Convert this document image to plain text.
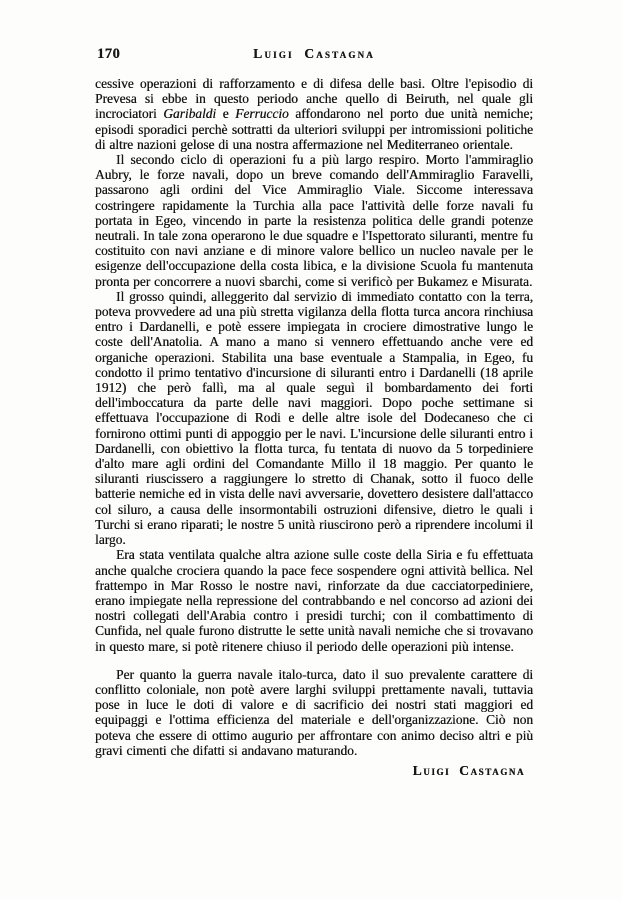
170	Luigi Castagna

cessive operazioni di rafforzamento e di difesa delle basi. Oltre l'episodio di Prevesa si ebbe in questo periodo anche quello di Beiruth, nel quale gli incrociatori Garibaldi e Ferruccio affondarono nel porto due unità nemiche; episodi sporadici perchè sottratti da ulteriori sviluppi per intromissioni politiche di altre nazioni gelose di una nostra affermazione nel Mediterraneo orientale.

Il secondo ciclo di operazioni fu a più largo respiro. Morto l'ammiraglio Aubry, le forze navali, dopo un breve comando dell'Ammiraglio Faravelli, passarono agli ordini del Vice Ammiraglio Viale. Siccome interessava costringere rapidamente la Turchia alla pace l'attività delle forze navali fu portata in Egeo, vincendo in parte la resistenza politica delle grandi potenze neutrali. In tale zona operarono le due squadre e l'Ispettorato siluranti, mentre fu costituito con navi anziane e di minore valore bellico un nucleo navale per le esigenze dell'occupazione della costa libica, e la divisione Scuola fu mantenuta pronta per concorrere a nuovi sbarchi, come si verificò per Bukamez e Misurata.

Il grosso quindi, alleggerito dal servizio di immediato contatto con la terra, poteva provvedere ad una più stretta vigilanza della flotta turca ancora rinchiusa entro i Dardanelli, e potè essere impiegata in crociere dimostrative lungo le coste dell'Anatolia. A mano a mano si vennero effettuando anche vere ed organiche operazioni. Stabilita una base eventuale a Stampalia, in Egeo, fu condotto il primo tentativo d'incursione di siluranti entro i Dardanelli (18 aprile 1912) che però fallì, ma al quale seguì il bombardamento dei forti dell'imboccatura da parte delle navi maggiori. Dopo poche settimane si effettuava l'occupazione di Rodi e delle altre isole del Dodecaneso che ci fornirono ottimi punti di appoggio per le navi. L'incursione delle siluranti entro i Dardanelli, con obiettivo la flotta turca, fu tentata di nuovo da 5 torpediniere d'alto mare agli ordini del Comandante Millo il 18 maggio. Per quanto le siluranti riuscissero a raggiungere lo stretto di Chanak, sotto il fuoco delle batterie nemiche ed in vista delle navi avversarie, dovettero desistere dall'attacco col siluro, a causa delle insormontabili ostruzioni difensive, dietro le quali i Turchi si erano riparati; le nostre 5 unità riuscirono però a riprendere incolumi il largo.

Era stata ventilata qualche altra azione sulle coste della Siria e fu effettuata anche qualche crociera quando la pace fece sospendere ogni attività bellica. Nel frattempo in Mar Rosso le nostre navi, rinforzate da due cacciatorpediniere, erano impiegate nella repressione del contrabbando e nel concorso ad azioni dei nostri collegati dell'Arabia contro i presidi turchi; con il combattimento di Cunfida, nel quale furono distrutte le sette unità navali nemiche che si trovavano in questo mare, si potè ritenere chiuso il periodo delle operazioni più intense.

Per quanto la guerra navale italo-turca, dato il suo prevalente carattere di conflitto coloniale, non potè avere larghi sviluppi prettamente navali, tuttavia pose in luce le doti di valore e di sacrificio dei nostri stati maggiori ed equipaggi e l'ottima efficienza del materiale e dell'organizzazione. Ciò non poteva che essere di ottimo augurio per affrontare con animo deciso altri e più gravi cimenti che difatti si andavano maturando.

Luigi Castagna
